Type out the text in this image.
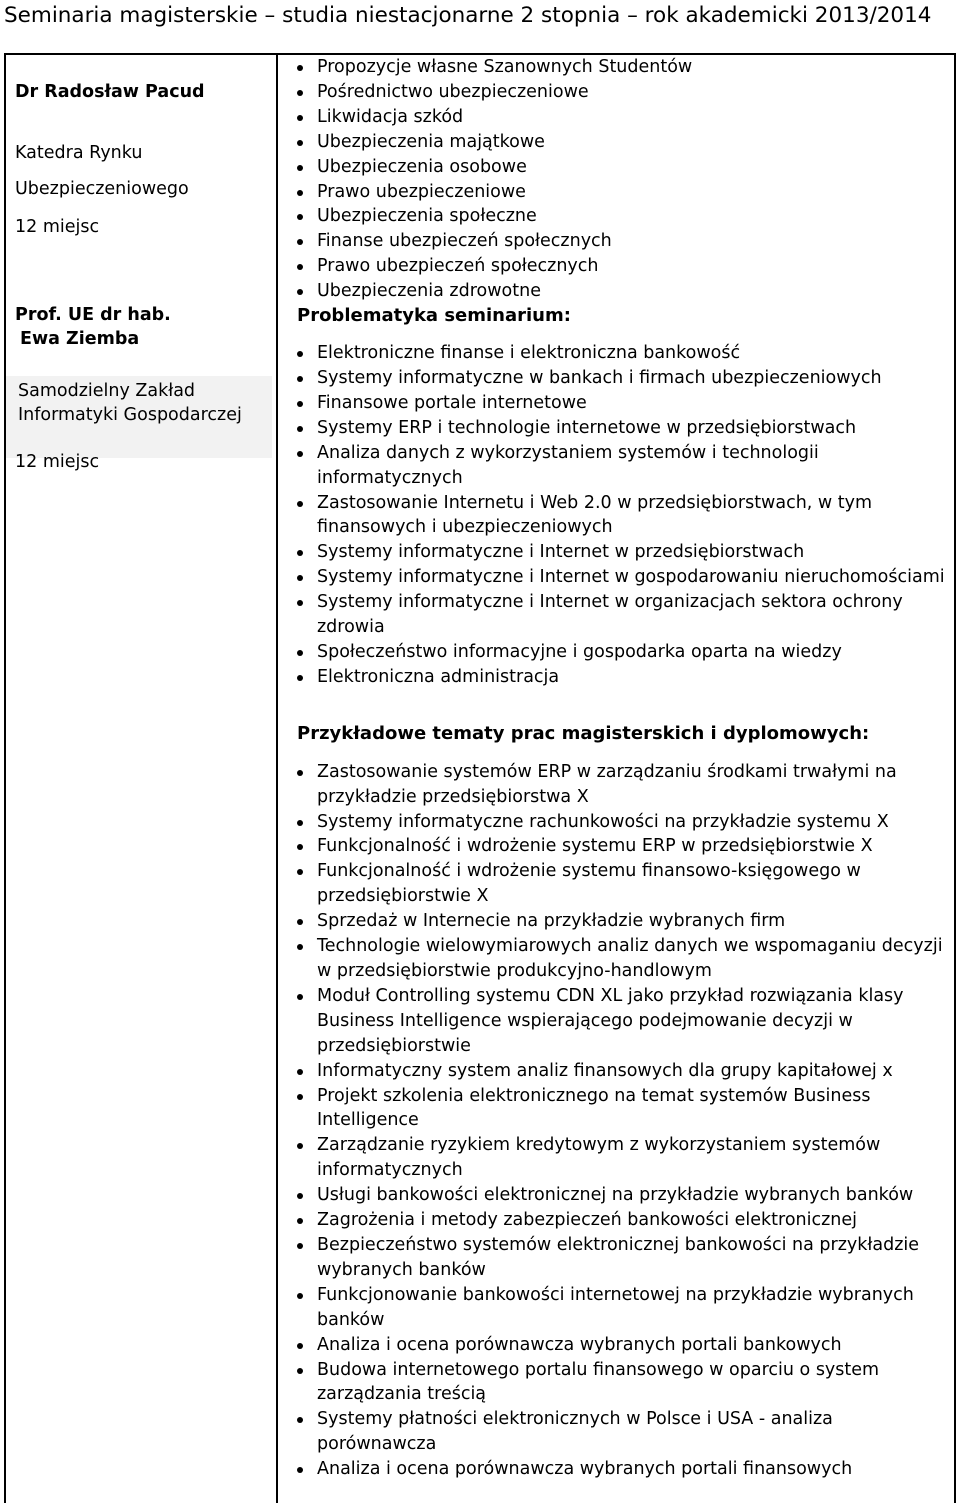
Seminaria magisterskie – studia niestacjonarne 2 stopnia – rok akademicki 2013/2014
Dr Radosław Pacud
Katedra Rynku
Ubezpieczeniowego
12 miejsc
Prof. UE dr hab.
Ewa Ziemba
Samodzielny Zakład
Informatyki Gospodarczej
12 miejsc
Propozycje własne Szanownych Studentów
Pośrednictwo ubezpieczeniowe
Likwidacja szkód
Ubezpieczenia majątkowe
Ubezpieczenia osobowe
Prawo ubezpieczeniowe
Ubezpieczenia społeczne
Finanse ubezpieczeń społecznych
Prawo ubezpieczeń społecznych
Ubezpieczenia zdrowotne
Problematyka seminarium:
Elektroniczne finanse i elektroniczna bankowość
Systemy informatyczne w bankach i firmach ubezpieczeniowych
Finansowe portale internetowe
Systemy ERP i technologie internetowe w przedsiębiorstwach
Analiza danych z wykorzystaniem systemów i technologii informatycznych
Zastosowanie Internetu i Web 2.0 w przedsiębiorstwach, w tym finansowych i ubezpieczeniowych
Systemy informatyczne i Internet w przedsiębiorstwach
Systemy informatyczne i Internet w gospodarowaniu nieruchomościami
Systemy informatyczne i Internet w organizacjach sektora ochrony zdrowia
Społeczeństwo informacyjne i gospodarka oparta na wiedzy
Elektroniczna administracja
Przykładowe tematy prac magisterskich i dyplomowych:
Zastosowanie systemów ERP w zarządzaniu środkami trwałymi na przykładzie przedsiębiorstwa X
Systemy informatyczne rachunkowości na przykładzie systemu X
Funkcjonalność i wdrożenie systemu ERP w przedsiębiorstwie X
Funkcjonalność i wdrożenie systemu finansowo-księgowego w przedsiębiorstwie X
Sprzedaż w Internecie na przykładzie wybranych firm
Technologie wielowymiarowych analiz danych we wspomaganiu decyzji w przedsiębiorstwie produkcyjno-handlowym
Moduł Controlling systemu CDN XL jako przykład rozwiązania klasy Business Intelligence wspierającego podejmowanie decyzji w przedsiębiorstwie
Informatyczny system analiz finansowych dla grupy kapitałowej x
Projekt szkolenia elektronicznego na temat systemów Business Intelligence
Zarządzanie ryzykiem kredytowym z wykorzystaniem systemów informatycznych
Usługi bankowości elektronicznej na przykładzie wybranych banków
Zagrożenia i metody zabezpieczeń bankowości elektronicznej
Bezpieczeństwo systemów elektronicznej bankowości na przykładzie wybranych banków
Funkcjonowanie bankowości internetowej na przykładzie wybranych banków
Analiza i ocena porównawcza wybranych portali bankowych
Budowa internetowego portalu finansowego w oparciu o system zarządzania treścią
Systemy płatności elektronicznych w Polsce i USA - analiza porównawcza
Analiza i ocena porównawcza wybranych portali finansowych
